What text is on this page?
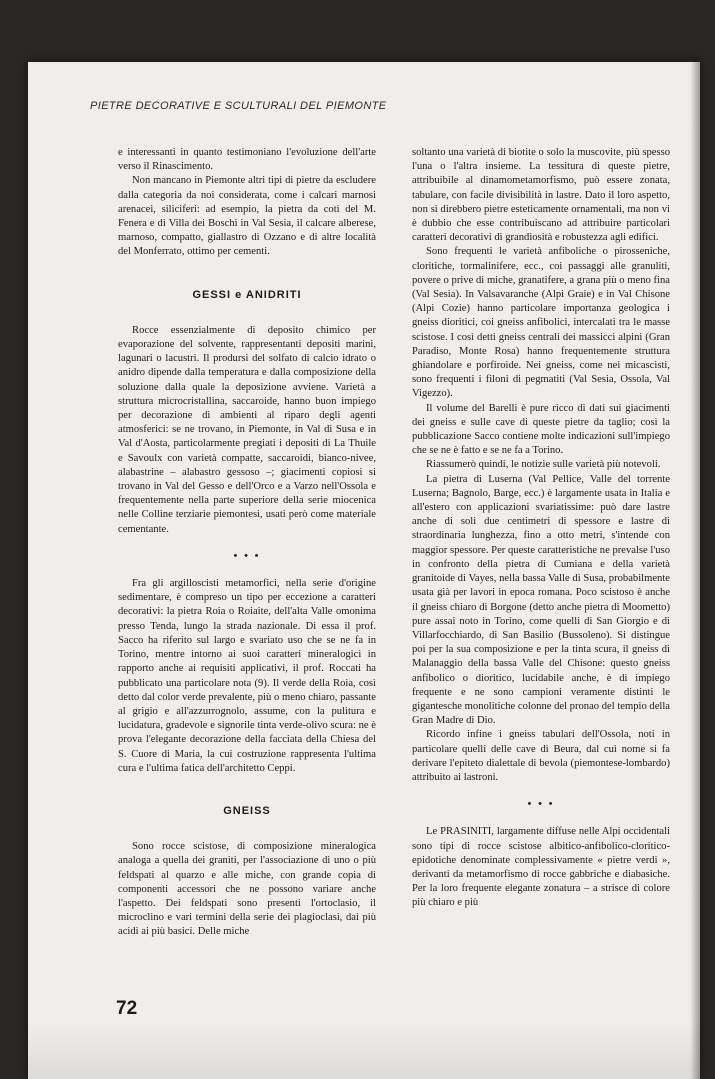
PIETRE DECORATIVE E SCULTURALI DEL PIEMONTE

e interessanti in quanto testimoniano l'evoluzione dell'arte verso il Rinascimento.

Non mancano in Piemonte altri tipi di pietre da escludere dalla categoria da noi considerata, come i calcari marnosi arenacei, siliciferi: ad esempio, la pietra da coti del M. Fenera e di Villa dei Boschi in Val Sesia, il calcare alberese, marnoso, compatto, giallastro di Ozzano e di altre località del Monferrato, ottimo per cementi.

GESSI e ANIDRITI

Rocce essenzialmente di deposito chimico per evaporazione del solvente, rappresentanti depositi marini, lagunari o lacustri. Il prodursi del solfato di calcio idrato o anidro dipende dalla temperatura e dalla composizione della soluzione dalla quale la deposizione avviene. Varietà a struttura microcristallina, saccaroide, hanno buon impiego per decorazione di ambienti al riparo degli agenti atmosferici: se ne trovano, in Piemonte, in Val di Susa e in Val d'Aosta, particolarmente pregiati i depositi di La Thuile e Savoulx con varietà compatte, saccaroidi, bianco-nivee, alabastrine – alabastro gessoso –; giacimenti copiosi si trovano in Val del Gesso e dell'Orco e a Varzo nell'Ossola e frequentemente nella parte superiore della serie miocenica nelle Colline terziarie piemontesi, usati però come materiale cementante.

• • •

Fra gli argilloscisti metamorfici, nella serie d'origine sedimentare, è compreso un tipo per eccezione a caratteri decorativi: la pietra Roia o Roiaite, dell'alta Valle omonima presso Tenda, lungo la strada nazionale. Di essa il prof. Sacco ha riferito sul largo e svariato uso che se ne fa in Torino, mentre intorno ai suoi caratteri mineralogici in rapporto anche ai requisiti applicativi, il prof. Roccati ha pubblicato una particolare nota (9). Il verde della Roia, così detto dal color verde prevalente, più o meno chiaro, passante al grigio e all'azzurrognolo, assume, con la pulitura e lucidatura, gradevole e signorile tinta verde-olivo scura: ne è prova l'elegante decorazione della facciata della Chiesa del S. Cuore di Maria, la cui costruzione rappresenta l'ultima cura e l'ultima fatica dell'architetto Ceppi.

GNEISS

Sono rocce scistose, di composizione mineralogica analoga a quella dei graniti, per l'associazione di uno o più feldspati al quarzo e alle miche, con grande copia di componenti accessori che ne possono variare anche l'aspetto. Dei feldspati sono presenti l'ortoclasio, il microclino e vari termini della serie dei plagioclasi, dai più acidi ai più basici. Delle miche

soltanto una varietà di biotite o solo la muscovite, più spesso l'una o l'altra insieme. La tessitura di queste pietre, attribuibile al dinamometamorfismo, può essere zonata, tabulare, con facile divisibilità in lastre. Dato il loro aspetto, non si direbbero pietre esteticamente ornamentali, ma non vi è dubbio che esse contribuiscano ad attribuire particolari caratteri decorativi di grandiosità e robustezza agli edifici.

Sono frequenti le varietà anfiboliche o pirosseniche, cloritiche, tormalinifere, ecc., coi passaggi alle granuliti, povere o prive di miche, granatifere, a grana più o meno fina (Val Sesia). In Valsavaranche (Alpi Graie) e in Val Chisone (Alpi Cozie) hanno particolare importanza geologica i gneiss dioritici, coi gneiss anfibolici, intercalati tra le masse scistose. I così detti gneiss centrali dei massicci alpini (Gran Paradiso, Monte Rosa) hanno frequentemente struttura ghiandolare e porfiroide. Nei gneiss, come nei micascisti, sono frequenti i filoni di pegmatiti (Val Sesia, Ossola, Val Vigezzo).

Il volume del Barelli è pure ricco di dati sui giacimenti dei gneiss e sulle cave di queste pietre da taglio; così la pubblicazione Sacco contiene molte indicazioni sull'impiego che se ne è fatto e se ne fa a Torino.

Riassumerò quindi, le notizie sulle varietà più notevoli.

La pietra di Luserna (Val Pellice, Valle del torrente Luserna; Bagnolo, Barge, ecc.) è largamente usata in Italia e all'estero con applicazioni svariatissime: può dare lastre anche di soli due centimetri di spessore e lastre di straordinaria lunghezza, fino a otto metri, s'intende con maggior spessore. Per queste caratteristiche ne prevalse l'uso in confronto della pietra di Cumiana e della varietà granitoide di Vayes, nella bassa Valle di Susa, probabilmente usata già per lavori in epoca romana. Poco scistoso è anche il gneiss chiaro di Borgone (detto anche pietra di Moometto) pure assai noto in Torino, come quelli di San Giorgio e di Villarfocchiardo, di San Basilio (Bussoleno). Si distingue poi per la sua composizione e per la tinta scura, il gneiss di Malanaggio della bassa Valle del Chisone: questo gneiss anfibolico o dioritico, lucidabile anche, è di impiego frequente e ne sono campioni veramente distinti le gigantesche monolitiche colonne del pronao del tempio della Gran Madre di Dio.

Ricordo infine i gneiss tabulari dell'Ossola, noti in particolare quelli delle cave di Beura, dal cui nome si fa derivare l'epiteto dialettale di bevola (piemontese-lombardo) attribuito ai lastroni.

• • •

Le PRASINITI, largamente diffuse nelle Alpi occidentali sono tipi di rocce scistose albitico-anfibolico-cloritico-epidotiche denominate complessivamente « pietre verdi », derivanti da metamorfismo di rocce gabbriche e diabasiche. Per la loro frequente elegante zonatura – a strisce di colore più chiaro e più

72
